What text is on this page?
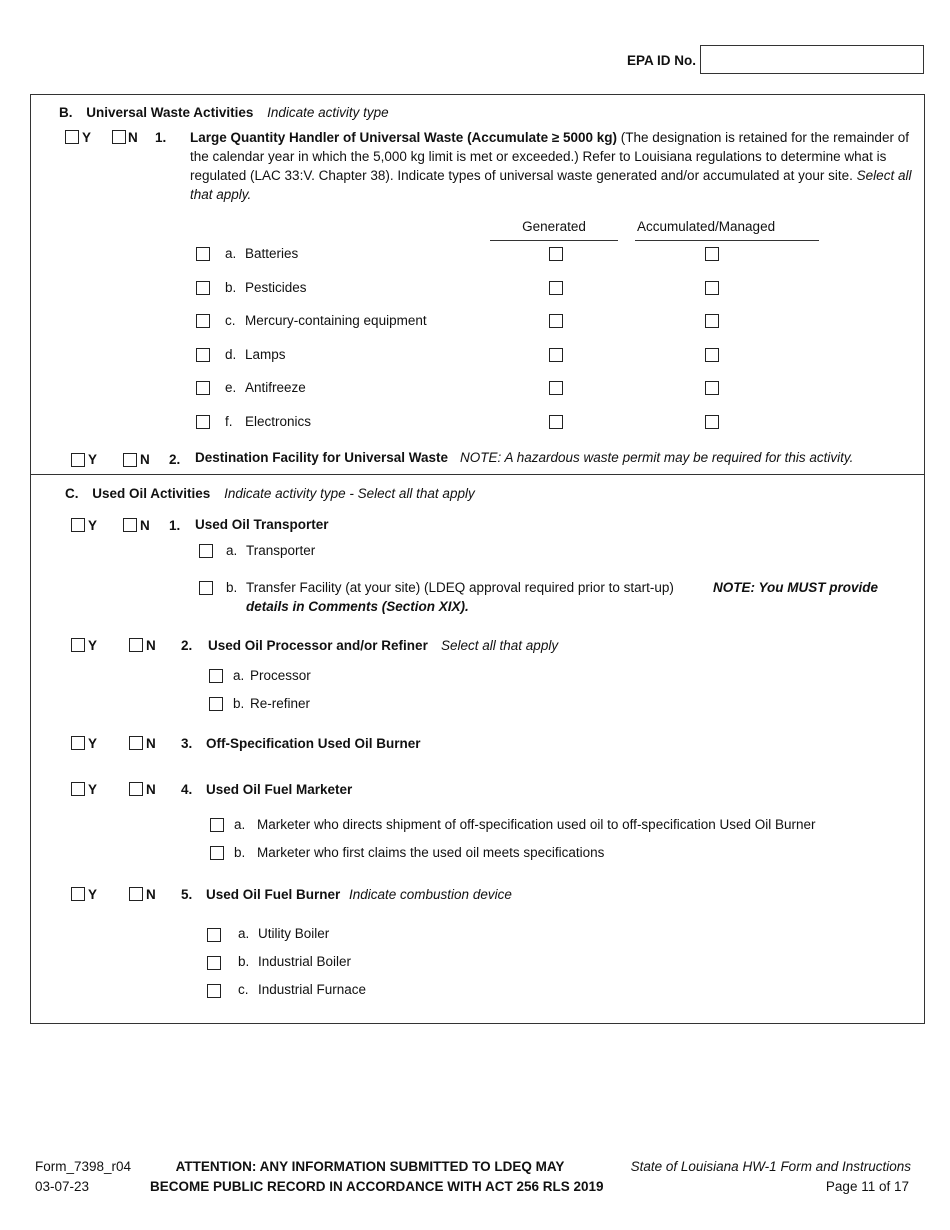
EPA ID No.
B. Universal Waste Activities Indicate activity type
Y	N 1. Large Quantity Handler of Universal Waste (Accumulate ≥ 5000 kg) (The designation is retained for the remainder of the calendar year in which the 5,000 kg limit is met or exceeded.) Refer to Louisiana regulations to determine what is regulated (LAC 33:V. Chapter 38). Indicate types of universal waste generated and/or accumulated at your site. Select all that apply.
Generated	Accumulated/Managed
a. Batteries
b. Pesticides
c. Mercury-containing equipment
d. Lamps
e. Antifreeze
f. Electronics
Y	N 2. Destination Facility for Universal Waste NOTE: A hazardous waste permit may be required for this activity.
C. Used Oil Activities Indicate activity type - Select all that apply
Y	N 1. Used Oil Transporter
a. Transporter
b. Transfer Facility (at your site) (LDEQ approval required prior to start-up)	NOTE: You MUST provide
details in Comments (Section XIX).
Y	N 2. Used Oil Processor and/or Refiner Select all that apply
a. Processor
b. Re-refiner
Y	N 3. Off-Specification Used Oil Burner
Y	N 4. Used Oil Fuel Marketer
a. Marketer who directs shipment of off-specification used oil to off-specification Used Oil Burner
b. Marketer who first claims the used oil meets specifications
Y	N 5. Used Oil Fuel Burner Indicate combustion device
a. Utility Boiler
b. Industrial Boiler
c. Industrial Furnace
Form_7398_r04
03-07-23
ATTENTION: ANY INFORMATION SUBMITTED TO LDEQ MAY
BECOME PUBLIC RECORD IN ACCORDANCE WITH ACT 256 RLS 2019
State of Louisiana HW-1 Form and Instructions
Page 11 of 17
